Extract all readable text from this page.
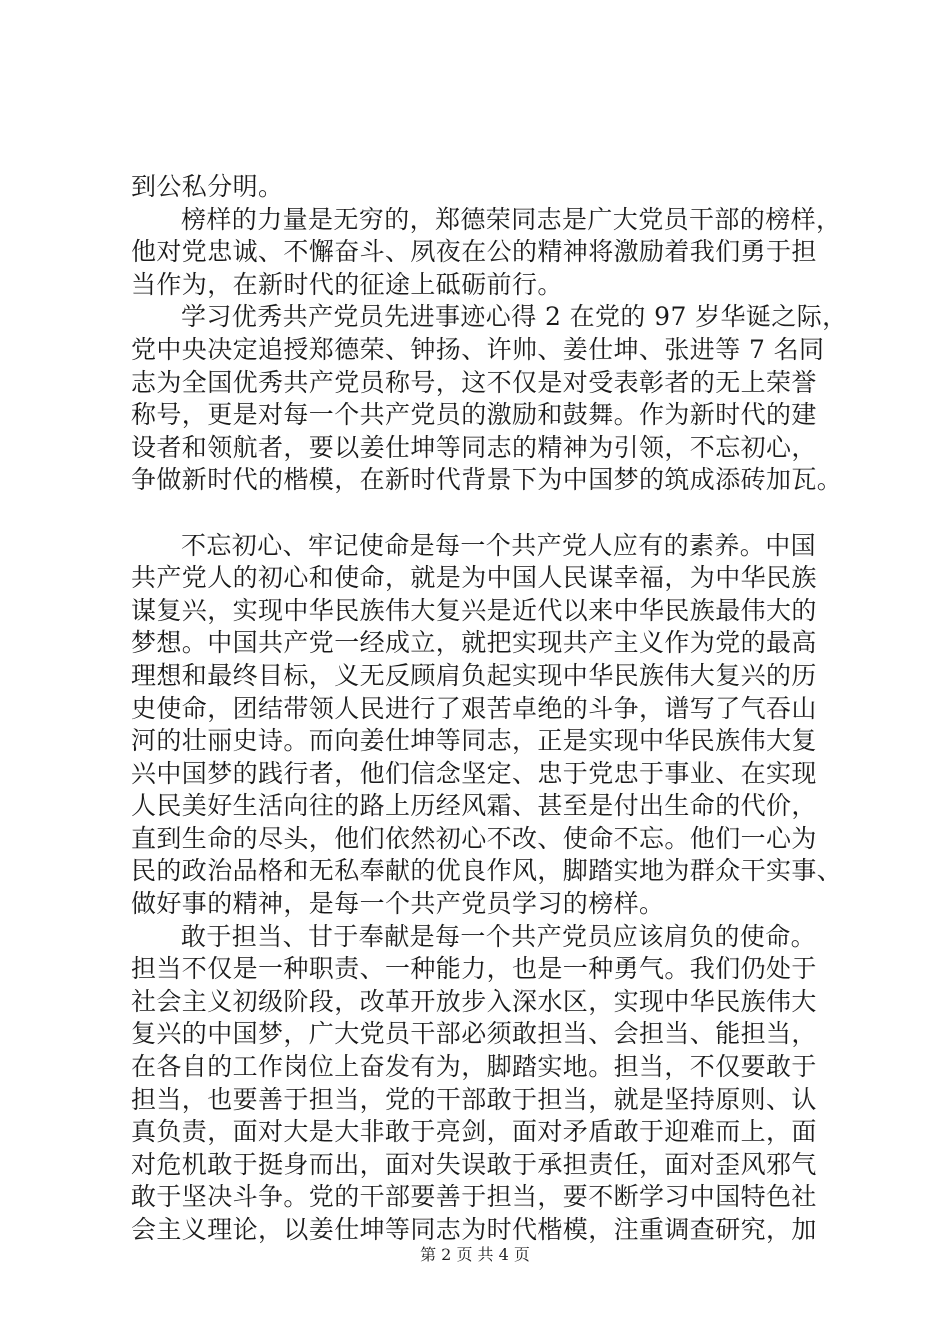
到公私分明。
榜样的力量是无穷的，郑德荣同志是广大党员干部的榜样，
他对党忠诚、不懈奋斗、夙夜在公的精神将激励着我们勇于担
当作为，在新时代的征途上砥砺前行。
学习优秀共产党员先进事迹心得 2 在党的 97 岁华诞之际，
党中央决定追授郑德荣、钟扬、许帅、姜仕坤、张进等 7 名同
志为全国优秀共产党员称号，这不仅是对受表彰者的无上荣誉
称号，更是对每一个共产党员的激励和鼓舞。作为新时代的建
设者和领航者，要以姜仕坤等同志的精神为引领，不忘初心，
争做新时代的楷模，在新时代背景下为中国梦的筑成添砖加瓦。
不忘初心、牢记使命是每一个共产党人应有的素养。中国
共产党人的初心和使命，就是为中国人民谋幸福，为中华民族
谋复兴，实现中华民族伟大复兴是近代以来中华民族最伟大的
梦想。中国共产党一经成立，就把实现共产主义作为党的最高
理想和最终目标，义无反顾肩负起实现中华民族伟大复兴的历
史使命，团结带领人民进行了艰苦卓绝的斗争，谱写了气吞山
河的壮丽史诗。而向姜仕坤等同志，正是实现中华民族伟大复
兴中国梦的践行者，他们信念坚定、忠于党忠于事业、在实现
人民美好生活向往的路上历经风霜、甚至是付出生命的代价，
直到生命的尽头，他们依然初心不改、使命不忘。他们一心为
民的政治品格和无私奉献的优良作风，脚踏实地为群众干实事、
做好事的精神，是每一个共产党员学习的榜样。
敢于担当、甘于奉献是每一个共产党员应该肩负的使命。
担当不仅是一种职责、一种能力，也是一种勇气。我们仍处于
社会主义初级阶段，改革开放步入深水区，实现中华民族伟大
复兴的中国梦，广大党员干部必须敢担当、会担当、能担当，
在各自的工作岗位上奋发有为，脚踏实地。担当，不仅要敢于
担当，也要善于担当，党的干部敢于担当，就是坚持原则、认
真负责，面对大是大非敢于亮剑，面对矛盾敢于迎难而上，面
对危机敢于挺身而出，面对失误敢于承担责任，面对歪风邪气
敢于坚决斗争。党的干部要善于担当，要不断学习中国特色社
会主义理论，以姜仕坤等同志为时代楷模，注重调查研究，加
第 2 页 共 4 页
